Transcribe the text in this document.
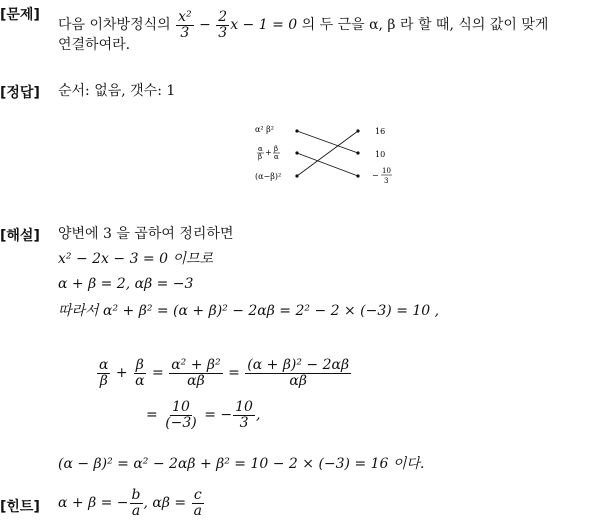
[문제]
다음 이차방정식의 $\frac{\text{x²}}{3} - \frac{2}{3}$ x − 1 = 0 의 두 근을 α, β 라 할 때, 식의 값이 맞게
연결하여라.
[정답] 순서: 없음, 갯수: 1
α² β²
α
β + β
α
(α−β)²
16
10
− 10
3
[해설] 양변에 3 을 곱하여 정리하면
x² − 2x − 3 = 0 이므로
α + β = 2, αβ = −3
따라서 α² + β² = (α + β)² − 2αβ = 2² − 2 × (−3) = 10 ,
$\frac{\alpha}{\beta} + \frac{\beta}{\alpha} = \frac{\text{α² + β²}}{\alpha\beta} = \frac{\text{(α + β)² − 2αβ}}{\alpha\beta}$
= $\frac{10}{(-3)}$ = − $\frac{10}{3}$ ,
(α − β)² = α² − 2αβ + β² = 10 − 2 × (−3) = 16 이다.
[힌트] α + β = − $\frac{b}{a}$ , $\alpha\beta = \frac{c}{a}$
